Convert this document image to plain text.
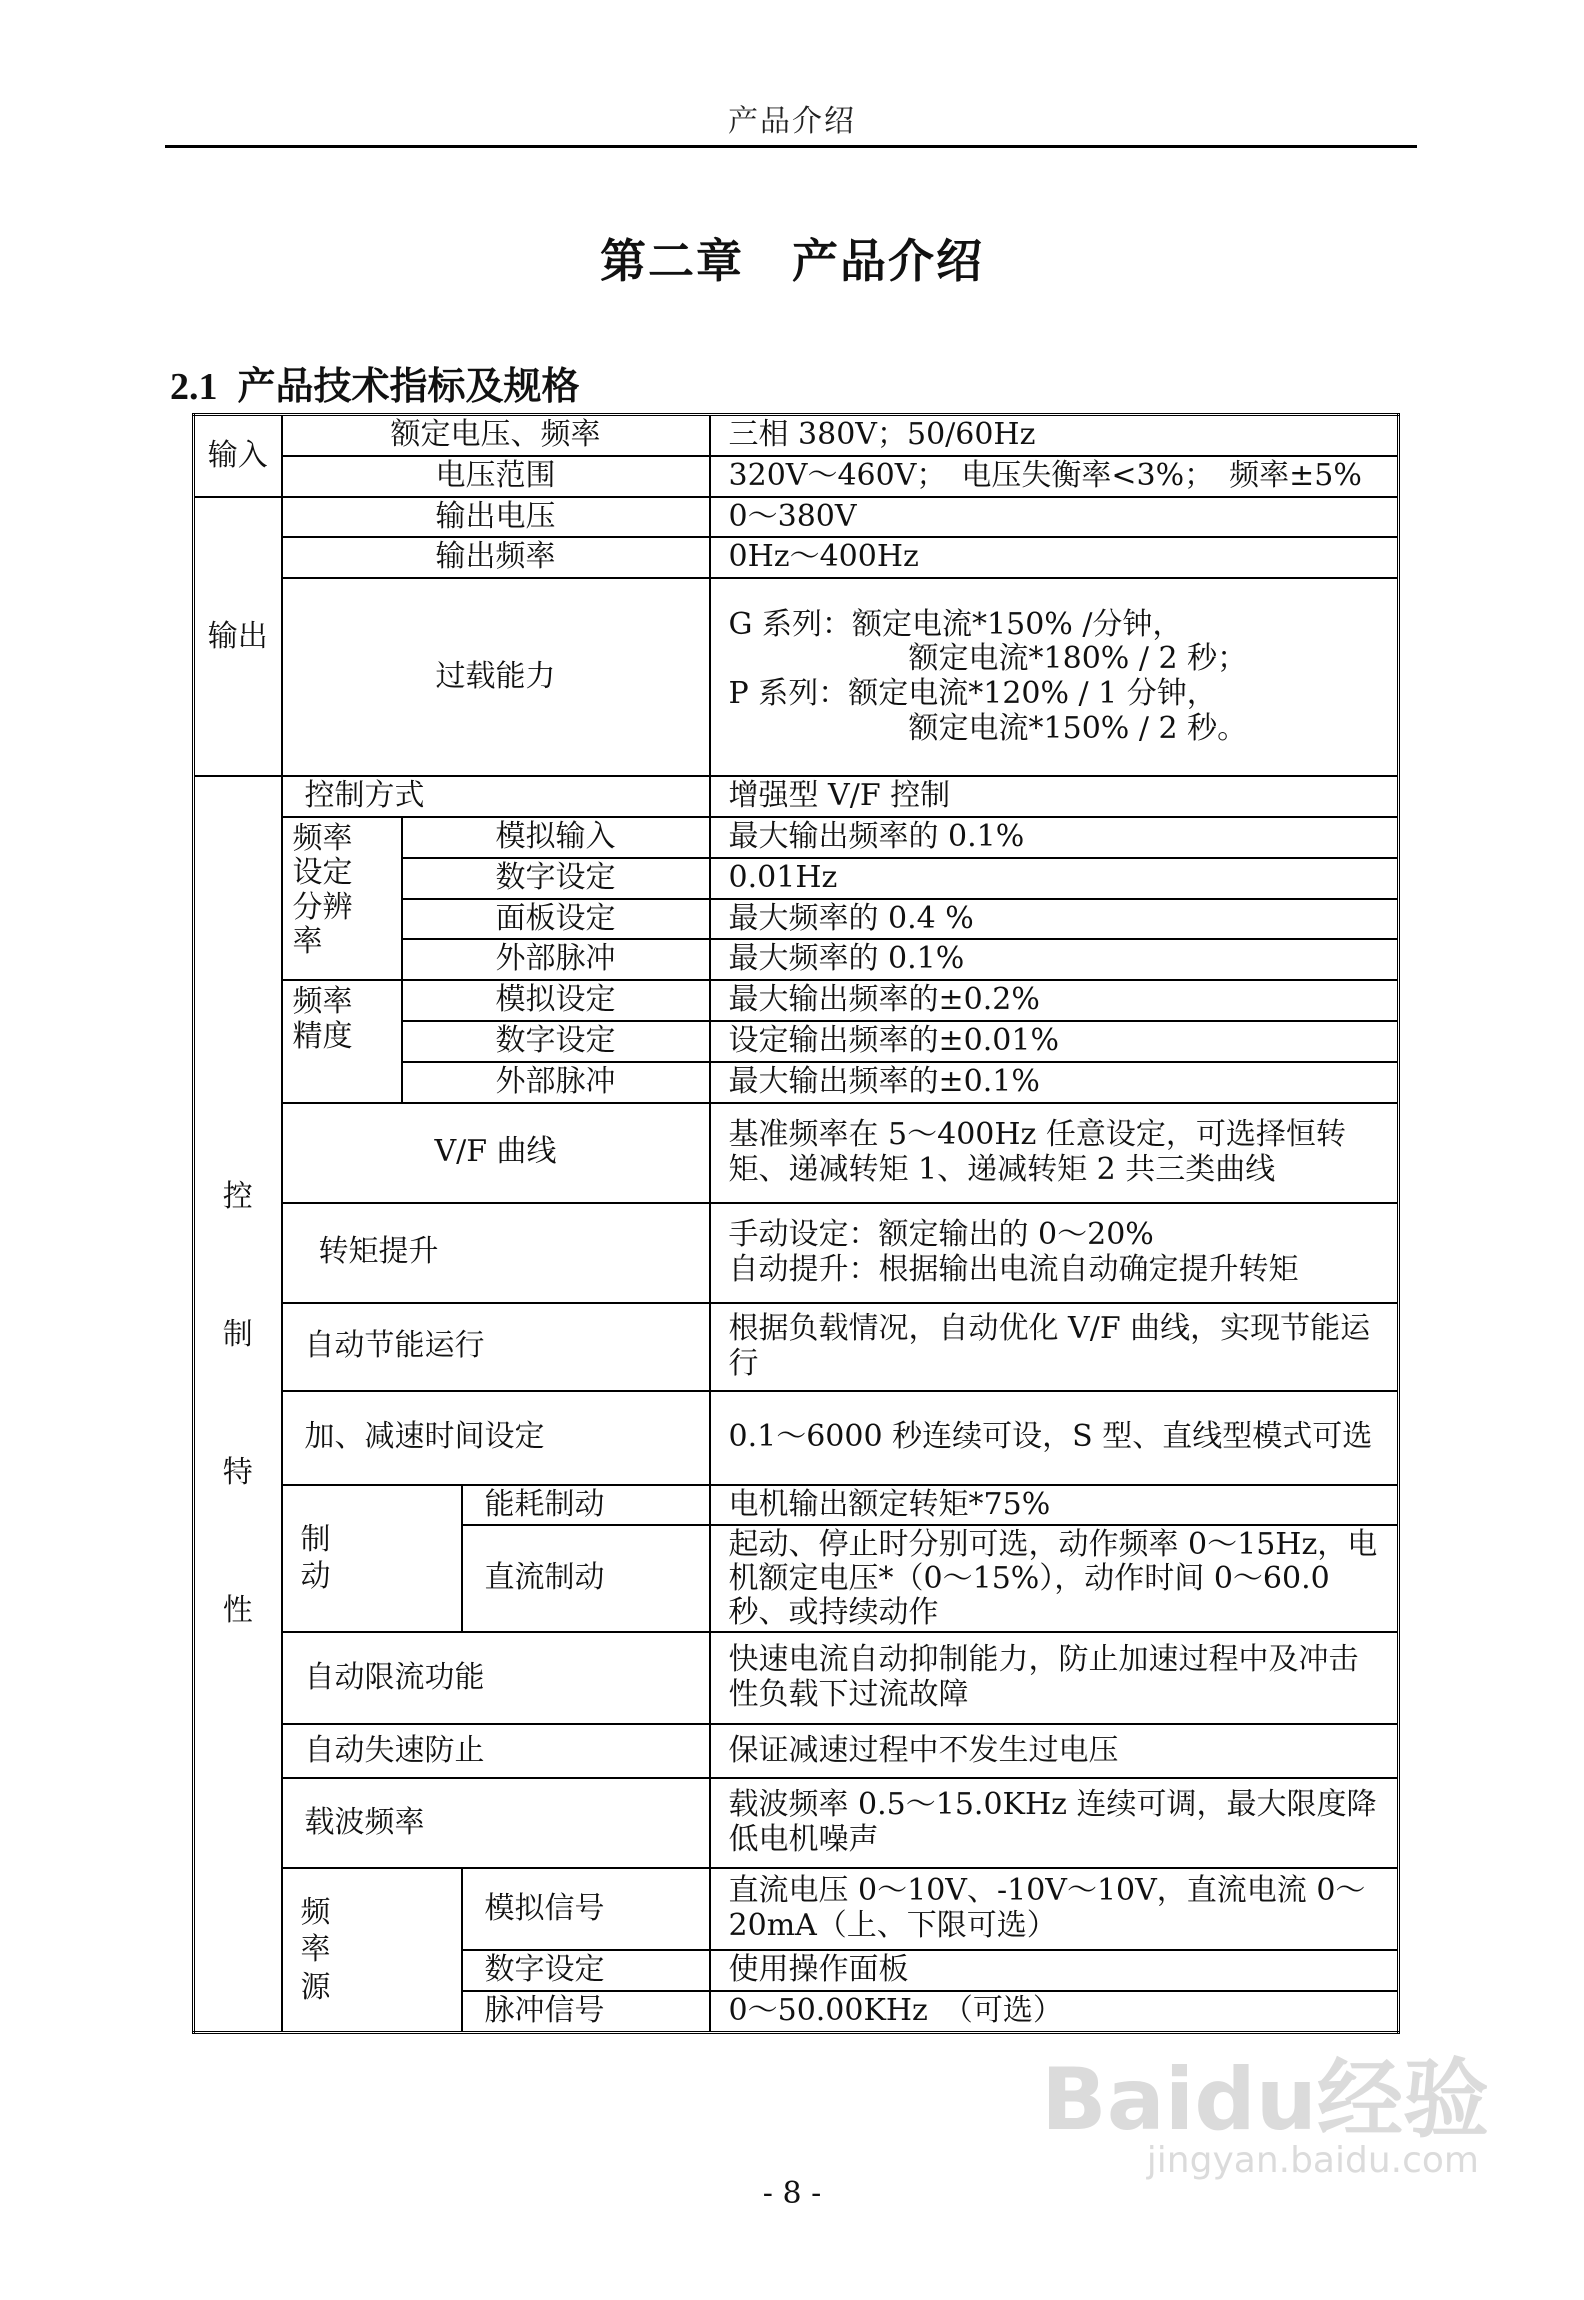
产品介绍
第二章 产品介绍
2.1 产品技术指标及规格
输入	额定电压、频率			三相 380V；50/60Hz
	电压范围			320V～460V；　电压失衡率<3%；　频率±5%
输出	输出电压			0～380V
	输出频率			0Hz～400Hz
	过载能力			G 系列：额定电流*150% /分钟，
额定电流*180% / 2 秒；
P 系列：额定电流*120% / 1 分钟，
额定电流*150% / 2 秒。

控制特性	控制方式			增强型 V/F 控制
	频率设定分辨率	模拟输入		最大输出频率的 0.1%
		数字设定		0.01Hz
		面板设定		最大频率的 0.4 %
		外部脉冲		最大频率的 0.1%
	频率精度	模拟设定		最大输出频率的±0.2%
		数字设定		设定输出频率的±0.01%
		外部脉冲		最大输出频率的±0.1%
	V/F 曲线			基准频率在 5～400Hz 任意设定，可选择恒转矩、递减转矩 1、递减转矩 2 共三类曲线
	转矩提升			手动设定：额定输出的 0～20%
自动提升：根据输出电流自动确定提升转矩

	自动节能运行			根据负载情况，自动优化 V/F 曲线，实现节能运行
	加、减速时间设定			0.1～6000 秒连续可设，S 型、直线型模式可选
	制动		能耗制动	电机输出额定转矩*75%
			直流制动	起动、停止时分别可选，动作频率 0～15Hz，电机额定电压*（0～15%），动作时间 0～60.0 秒、或持续动作
	自动限流功能			快速电流自动抑制能力，防止加速过程中及冲击性负载下过流故障
	自动失速防止			保证减速过程中不发生过电压
	载波频率			载波频率 0.5～15.0KHz 连续可调，最大限度降低电机噪声
	频率源		模拟信号	直流电压 0～10V、-10V～10V，直流电流 0～20mA（上、下限可选）
			数字设定	使用操作面板
			脉冲信号	0～50.00KHz　（可选）
- 8 -
Baidu经验
jingyan.baidu.com
